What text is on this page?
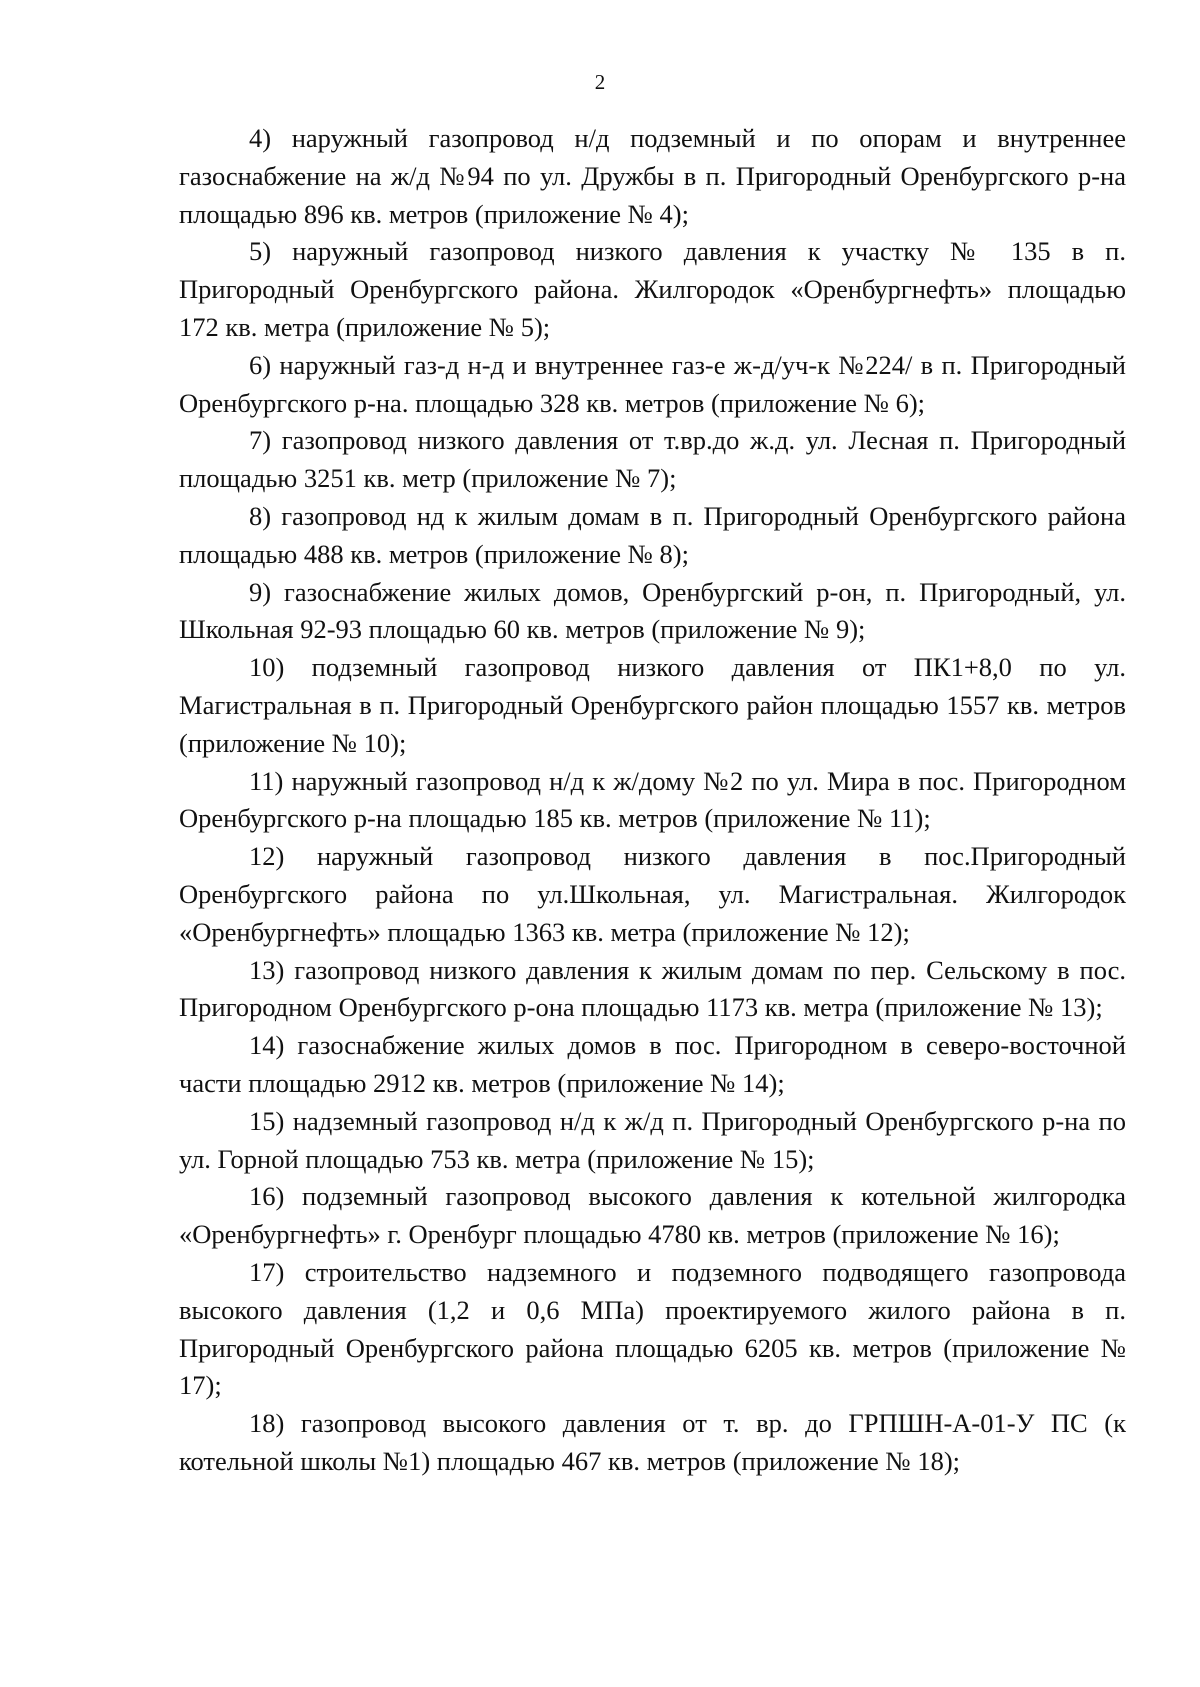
2

4) наружный газопровод н/д подземный и по опорам и внутреннее газоснабжение на ж/д №94 по ул. Дружбы в п. Пригородный Оренбургского р-на площадью 896 кв. метров (приложение № 4);

5) наружный газопровод низкого давления к участку № 135 в п. Пригородный Оренбургского района. Жилгородок «Оренбургнефть» площадью 172 кв. метра (приложение № 5);

6) наружный газ-д н-д и внутреннее газ-е ж-д/уч-к №224/ в п. Пригородный Оренбургского р-на. площадью 328 кв. метров (приложение № 6);

7) газопровод низкого давления от т.вр.до ж.д. ул. Лесная п. Пригородный площадью 3251 кв. метр (приложение № 7);

8) газопровод нд к жилым домам в п. Пригородный Оренбургского района площадью 488 кв. метров (приложение № 8);

9) газоснабжение жилых домов, Оренбургский р-он, п. Пригородный, ул. Школьная 92-93 площадью 60 кв. метров (приложение № 9);

10) подземный газопровод низкого давления от ПК1+8,0 по ул. Магистральная в п. Пригородный Оренбургского район площадью 1557 кв. метров (приложение № 10);

11) наружный газопровод н/д к ж/дому №2 по ул. Мира в пос. Пригородном Оренбургского р-на площадью 185 кв. метров (приложение № 11);

12) наружный газопровод низкого давления в пос.Пригородный Оренбургского района по ул.Школьная, ул. Магистральная. Жилгородок «Оренбургнефть» площадью 1363 кв. метра (приложение № 12);

13) газопровод низкого давления к жилым домам по пер. Сельскому в пос. Пригородном Оренбургского р-она площадью 1173 кв. метра (приложение № 13);

14) газоснабжение жилых домов в пос. Пригородном в северо-восточной части площадью 2912 кв. метров (приложение № 14);

15) надземный газопровод н/д к ж/д п. Пригородный Оренбургского р-на по ул. Горной площадью 753 кв. метра (приложение № 15);

16) подземный газопровод высокого давления к котельной жилгородка «Оренбургнефть» г. Оренбург площадью 4780 кв. метров (приложение № 16);

17) строительство надземного и подземного подводящего газопровода высокого давления (1,2 и 0,6 МПа) проектируемого жилого района в п. Пригородный Оренбургского района площадью 6205 кв. метров (приложение № 17);

18) газопровод высокого давления от т. вр. до ГРПШН-А-01-У ПС (к котельной школы №1) площадью 467 кв. метров (приложение № 18);
